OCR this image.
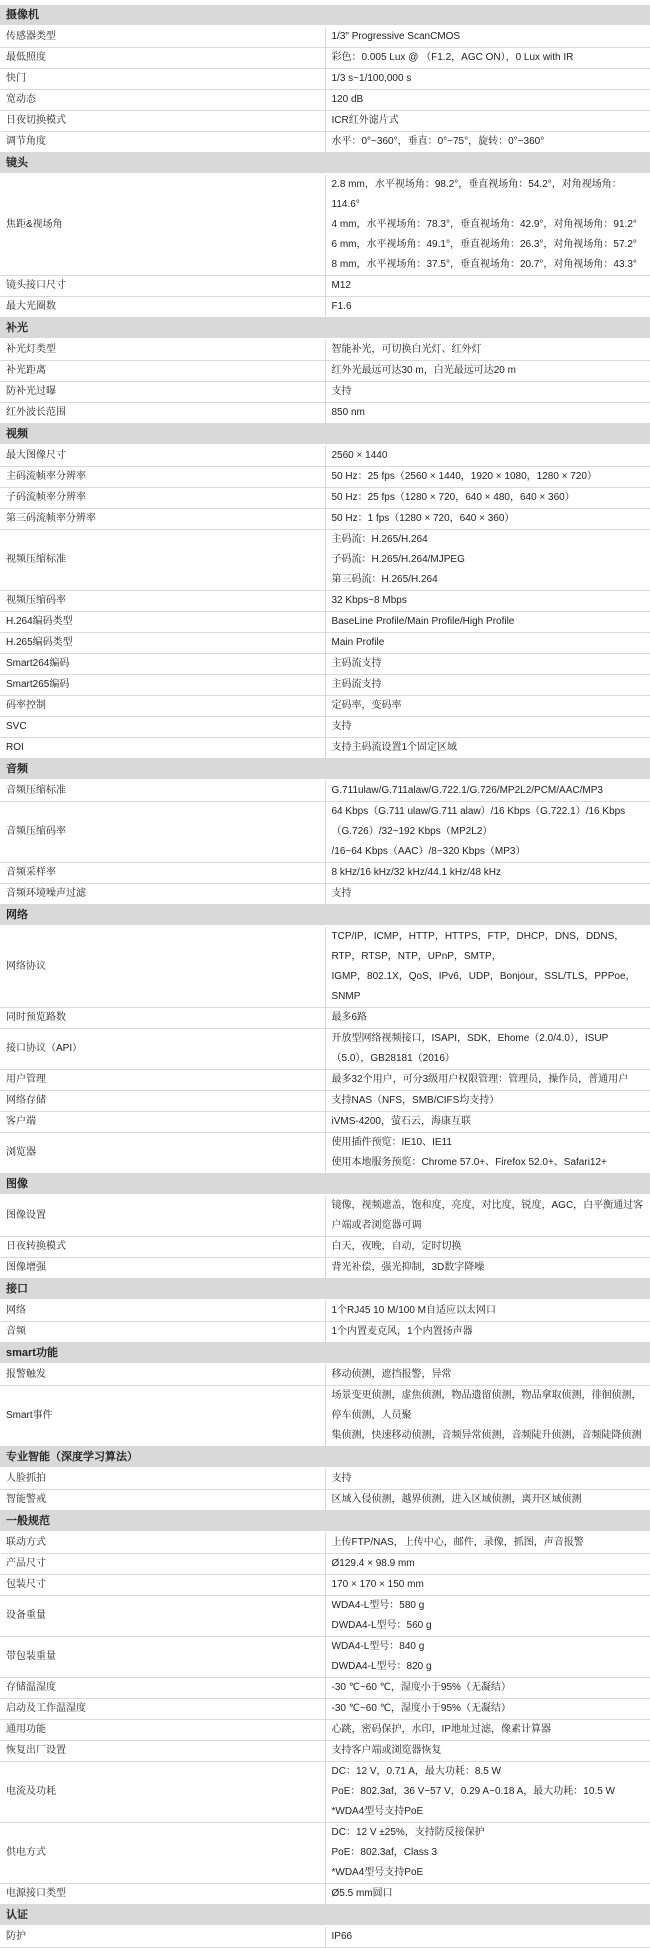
摄像机	
传感器类型	1/3" Progressive ScanCMOS

最低照度	彩色：0.005 Lux @ （F1.2，AGC ON），0 Lux with IR

快门	1/3 s~1/100,000 s

宽动态	120 dB

日夜切换模式	ICR红外滤片式

调节角度	水平：0°~360°，垂直：0°~75°，旋转：0°~360°

镜头	
焦距&视场角	2.8 mm，水平视场角：98.2°，垂直视场角：54.2°，对角视场角：114.6°
4 mm，水平视场角：78.3°，垂直视场角：42.9°，对角视场角：91.2°
6 mm，水平视场角：49.1°，垂直视场角：26.3°，对角视场角：57.2°
8 mm，水平视场角：37.5°，垂直视场角：20.7°，对角视场角：43.3°

镜头接口尺寸	M12

最大光圈数	F1.6

补光	
补光灯类型	智能补光，可切换白光灯、红外灯

补光距离	红外光最远可达30 m，白光最远可达20 m

防补光过曝	支持

红外波长范围	850 nm

视频	
最大图像尺寸	2560 × 1440

主码流帧率分辨率	50 Hz：25 fps（2560 × 1440，1920 × 1080，1280 × 720）

子码流帧率分辨率	50 Hz：25 fps（1280 × 720，640 × 480，640 × 360）

第三码流帧率分辨率	50 Hz：1 fps（1280 × 720，640 × 360）

视频压缩标准	主码流：H.265/H.264
子码流：H.265/H.264/MJPEG
第三码流：H.265/H.264

视频压缩码率	32 Kbps~8 Mbps

H.264编码类型	BaseLine Profile/Main Profile/High Profile

H.265编码类型	Main Profile

Smart264编码	主码流支持

Smart265编码	主码流支持

码率控制	定码率，变码率

SVC	支持

ROI	支持主码流设置1个固定区域

音频	
音频压缩标准	G.711ulaw/G.711alaw/G.722.1/G.726/MP2L2/PCM/AAC/MP3

音频压缩码率	64 Kbps（G.711 ulaw/G.711 alaw）/16 Kbps（G.722.1）/16 Kbps（G.726）/32~192 Kbps（MP2L2）
/16~64 Kbps（AAC）/8~320 Kbps（MP3）

音频采样率	8 kHz/16 kHz/32 kHz/44.1 kHz/48 kHz

音频环境噪声过滤	支持

网络	
网络协议	TCP/IP，ICMP，HTTP，HTTPS，FTP，DHCP，DNS，DDNS，RTP，RTSP，NTP，UPnP，SMTP，
IGMP，802.1X，QoS，IPv6，UDP，Bonjour，SSL/TLS，PPPoe，SNMP

同时预览路数	最多6路

接口协议（API）	开放型网络视频接口，ISAPI，SDK，Ehome（2.0/4.0），ISUP（5.0），GB28181（2016）

用户管理	最多32个用户，可分3级用户权限管理：管理员，操作员，普通用户

网络存储	支持NAS（NFS，SMB/CIFS均支持）

客户端	iVMS-4200，萤石云，海康互联

浏览器	使用插件预览：IE10、IE11
使用本地服务预览：Chrome 57.0+、Firefox 52.0+、Safari12+

图像	
图像设置	镜像，视频遮盖，饱和度，亮度，对比度，锐度，AGC，白平衡通过客户端或者浏览器可调

日夜转换模式	白天，夜晚，自动，定时切换

图像增强	背光补偿，强光抑制，3D数字降噪

接口	
网络	1个RJ45 10 M/100 M自适应以太网口

音频	1个内置麦克风，1个内置扬声器

smart功能	
报警触发	移动侦测，遮挡报警，异常

Smart事件	场景变更侦测，虚焦侦测，物品遗留侦测，物品拿取侦测，徘徊侦测，停车侦测，人员聚
集侦测，快速移动侦测，音频异常侦测，音频陡升侦测，音频陡降侦测

专业智能（深度学习算法）	
人脸抓拍	支持

智能警戒	区域入侵侦测，越界侦测，进入区域侦测，离开区域侦测

一般规范	
联动方式	上传FTP/NAS，上传中心，邮件，录像，抓图，声音报警

产品尺寸	Ø129.4 × 98.9 mm

包装尺寸	170 × 170 × 150 mm

设备重量	WDA4-L型号：580 g
DWDA4-L型号：560 g

带包装重量	WDA4-L型号：840 g
DWDA4-L型号：820 g

存储温湿度	-30 ℃~60 ℃，湿度小于95%（无凝结）

启动及工作温湿度	-30 ℃~60 ℃，湿度小于95%（无凝结）

通用功能	心跳，密码保护，水印，IP地址过滤，像素计算器

恢复出厂设置	支持客户端或浏览器恢复

电流及功耗	DC：12 V，0.71 A，最大功耗：8.5 W
PoE：802.3af，36 V~57 V，0.29 A~0.18 A，最大功耗：10.5 W
*WDA4型号支持PoE

供电方式	DC：12 V ±25%，支持防反接保护
PoE：802.3af，Class 3
*WDA4型号支持PoE

电源接口类型	Ø5.5 mm圆口

认证	
防护	IP66
